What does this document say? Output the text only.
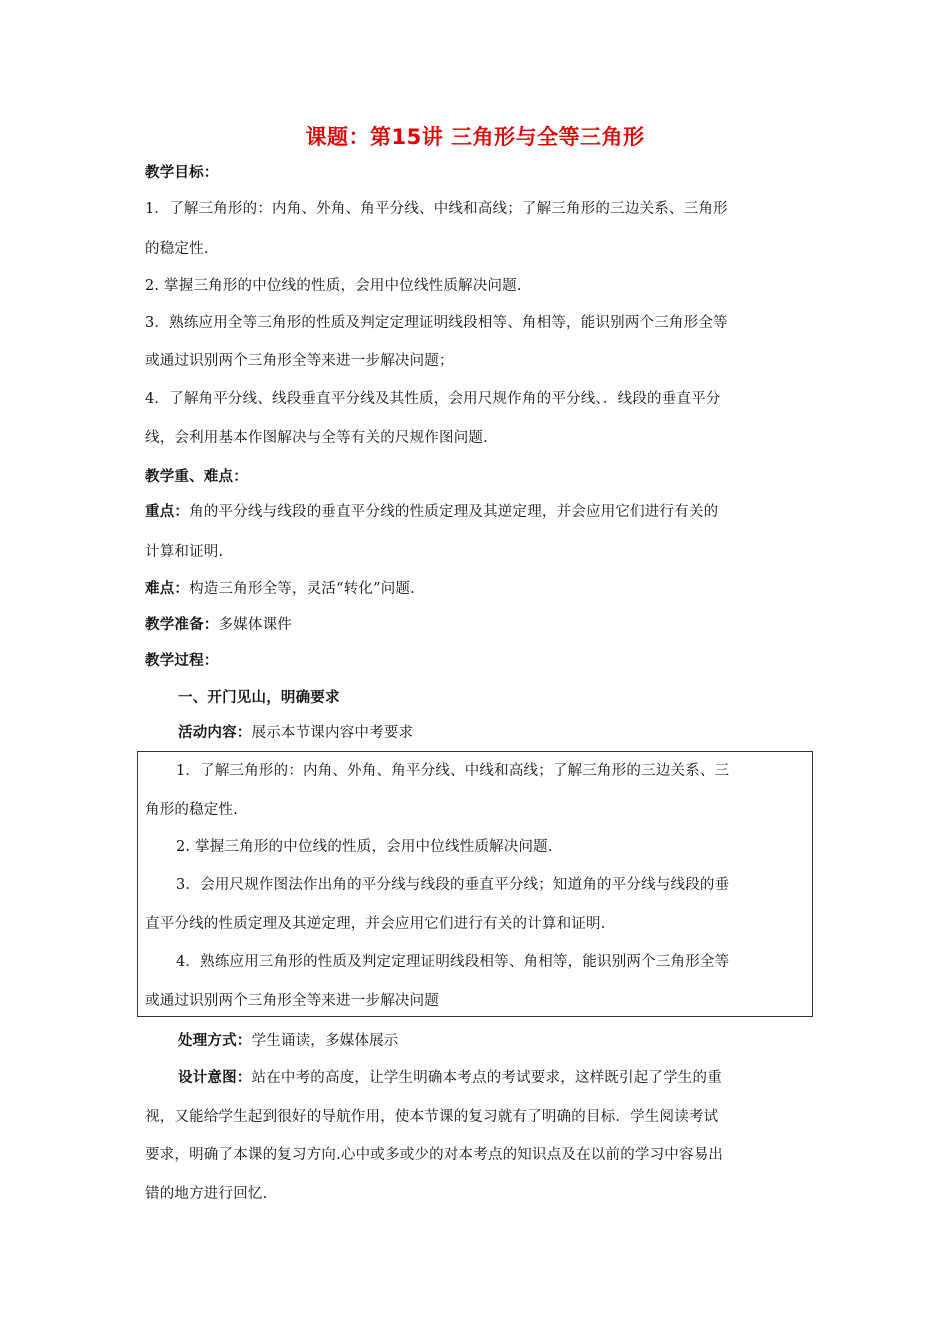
课题：第15讲 三角形与全等三角形
教学目标：
1．了解三角形的：内角、外角、角平分线、中线和高线；了解三角形的三边关系、三角形
的稳定性.
2. 掌握三角形的中位线的性质，会用中位线性质解决问题.
3．熟练应用全等三角形的性质及判定定理证明线段相等、角相等，能识别两个三角形全等
或通过识别两个三角形全等来进一步解决问题；
4．了解角平分线、线段垂直平分线及其性质，会用尺规作角的平分线、．线段的垂直平分
线，会利用基本作图解决与全等有关的尺规作图问题.
教学重、难点：
重点：角的平分线与线段的垂直平分线的性质定理及其逆定理，并会应用它们进行有关的
计算和证明.
难点：构造三角形全等，灵活“转化”问题.
教学准备：多媒体课件
教学过程：
一、开门见山，明确要求
活动内容：展示本节课内容中考要求
1．了解三角形的：内角、外角、角平分线、中线和高线；了解三角形的三边关系、三
角形的稳定性.
2. 掌握三角形的中位线的性质，会用中位线性质解决问题.
3．会用尺规作图法作出角的平分线与线段的垂直平分线；知道角的平分线与线段的垂
直平分线的性质定理及其逆定理，并会应用它们进行有关的计算和证明.
4．熟练应用三角形的性质及判定定理证明线段相等、角相等，能识别两个三角形全等
或通过识别两个三角形全等来进一步解决问题
处理方式：学生诵读，多媒体展示
设计意图：站在中考的高度，让学生明确本考点的考试要求，这样既引起了学生的重
视，又能给学生起到很好的导航作用，使本节课的复习就有了明确的目标．学生阅读考试
要求，明确了本课的复习方向.心中或多或少的对本考点的知识点及在以前的学习中容易出
错的地方进行回忆.
